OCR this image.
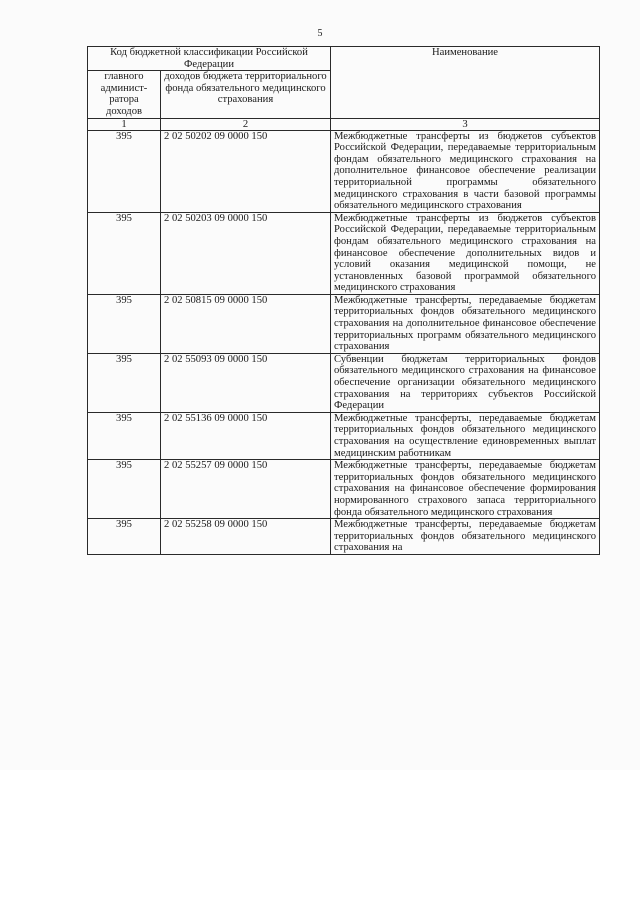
5
Код бюджетной классификации Российской Федерации		Наименование
главного админист-ратора доходов	доходов бюджета территориального фонда обязательного медицинского страхования	
1	2	3
395	2 02 50202 09 0000 150	Межбюджетные трансферты из бюджетов субъектов Российской Федерации, передаваемые территориальным фондам обязательного медицинского страхования на дополнительное финансовое обеспечение реализации территориальной программы обязательного медицинского страхования в части базовой программы обязательного медицинского страхования
395	2 02 50203 09 0000 150	Межбюджетные трансферты из бюджетов субъектов Российской Федерации, передаваемые территориальным фондам обязательного медицинского страхования на финансовое обеспечение дополнительных видов и условий оказания медицинской помощи, не установленных базовой программой обязательного медицинского страхования
395	2 02 50815 09 0000 150	Межбюджетные трансферты, передаваемые бюджетам территориальных фондов обязательного медицинского страхования на дополнительное финансовое обеспечение территориальных программ обязательного медицинского страхования
395	2 02 55093 09 0000 150	Субвенции бюджетам территориальных фондов обязательного медицинского страхования на финансовое обеспечение организации обязательного медицинского страхования на территориях субъектов Российской Федерации
395	2 02 55136 09 0000 150	Межбюджетные трансферты, передаваемые бюджетам территориальных фондов обязательного медицинского страхования на осуществление единовременных выплат медицинским работникам
395	2 02 55257 09 0000 150	Межбюджетные трансферты, передаваемые бюджетам территориальных фондов обязательного медицинского страхования на финансовое обеспечение формирования нормированного страхового запаса территориального фонда обязательного медицинского страхования
395	2 02 55258 09 0000 150	Межбюджетные трансферты, передаваемые бюджетам территориальных фондов обязательного медицинского страхования на
